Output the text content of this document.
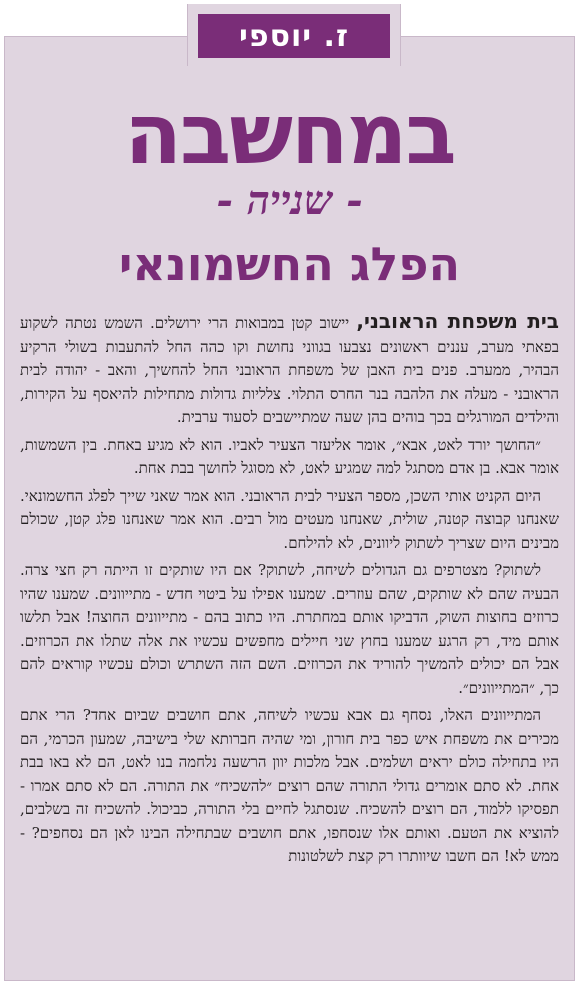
ז. יוספי
במחשבה
- שנייה -
הפלג החשמונאי

בית משפחת הראובני, יישוב קטן במבואות הרי ירושלים. השמש נטתה לשקוע בפאתי מערב, עננים ראשונים נצבעו בגווני נחושת וקו כהה החל להתעבות בשולי הרקיע הבהיר, ממערב. פנים בית האבן של משפחת הראובני החל להחשיך, והאב - יהודה לבית הראובני - מעלה את הלהבה בנר החרס התלוי. צלליות גדולות מתחילות להיאסף על הקירות, והילדים המורגלים בכך בוהים בהן שעה שמתיישבים לסעוד ערבית.

״החושך יורד לאט, אבא״, אומר אליעזר הצעיר לאביו. הוא לא מגיע באחת. בין השמשות, אומר אבא. בן אדם מסתגל למה שמגיע לאט, לא מסוגל לחושך בבת אחת.

היום הקניט אותי השכן, מספר הצעיר לבית הראובני. הוא אמר שאני שייך לפלג החשמונאי. שאנחנו קבוצה קטנה, שולית, שאנחנו מעטים מול רבים. הוא אמר שאנחנו פלג קטן, שכולם מבינים היום שצריך לשתוק ליוונים, לא להילחם.

לשתוק? מצטרפים גם הגדולים לשיחה, לשתוק? אם היו שותקים זו הייתה רק חצי צרה. הבעיה שהם לא שותקים, שהם עוזרים. שמענו אפילו על ביטוי חדש - מתייוונים. שמענו שהיו כרוזים בחוצות השוק, הדביקו אותם במחתרת. היו כתוב בהם - מתייוונים החוצה! אבל תלשו אותם מיד, רק הרגע שמענו בחוץ שני חיילים מחפשים עכשיו את אלה שתלו את הכרוזים. אבל הם יכולים להמשיך להוריד את הכרוזים. השם הזה השתרש וכולם עכשיו קוראים להם כך, ״המתייוונים״.

המתייוונים האלו, נסחף גם אבא עכשיו לשיחה, אתם חושבים שביום אחד? הרי אתם מכירים את משפחת איש כפר בית חורון, ומי שהיה חברותא שלי בישיבה, שמעון הכרמי, הם היו בתחילה כולם יראים ושלמים. אבל מלכות יוון הרשעה נלחמה בנו לאט, הם לא באו בבת אחת. לא סתם אומרים גדולי התורה שהם רוצים ״להשכיח״ את התורה. הם לא סתם אמרו - תפסיקו ללמוד, הם רוצים להשכיח. שנסתגל לחיים בלי התורה, כביכול. להשכיח זה בשלבים, להוציא את הטעם. ואותם אלו שנסחפו, אתם חושבים שבתחילה הבינו לאן הם נסחפים? - ממש לא! הם חשבו שיוותרו רק קצת לשלטונות
